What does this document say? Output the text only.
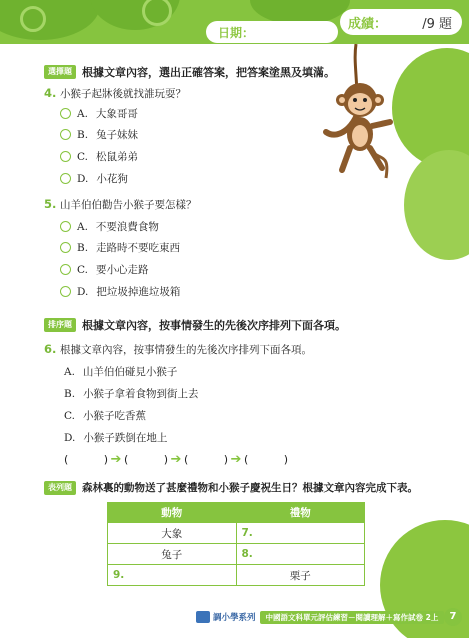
日期：
成績：	/9 題
選擇題 根據文章內容，選出正確答案，把答案塗黑及填滿。
4. 小猴子起牀後就找誰玩耍？
A. 大象哥哥
B. 兔子妹妹
C. 松鼠弟弟
D. 小花狗
5. 山羊伯伯勸告小猴子要怎樣？
A. 不要浪費食物
B. 走路時不要吃東西
C. 要小心走路
D. 把垃圾掉進垃圾箱
排序題 根據文章內容，按事情發生的先後次序排列下面各項。
6. 根據文章內容，按事情發生的先後次序排列下面各項。
A. 山羊伯伯碰見小猴子
B. 小猴子拿着食物到街上去
C. 小猴子吃香蕉
D. 小猴子跌倒在地上
(	) ➔ (	) ➔ (	) ➔ (	)
表列題 森林裏的動物送了甚麼禮物和小猴子慶祝生日？根據文章內容完成下表。
動物	禮物
大象	7.
兔子	8.
9.	栗子
調小學系列	中國語文科單元評估練習－閱讀理解＋寫作試卷 2上	7
